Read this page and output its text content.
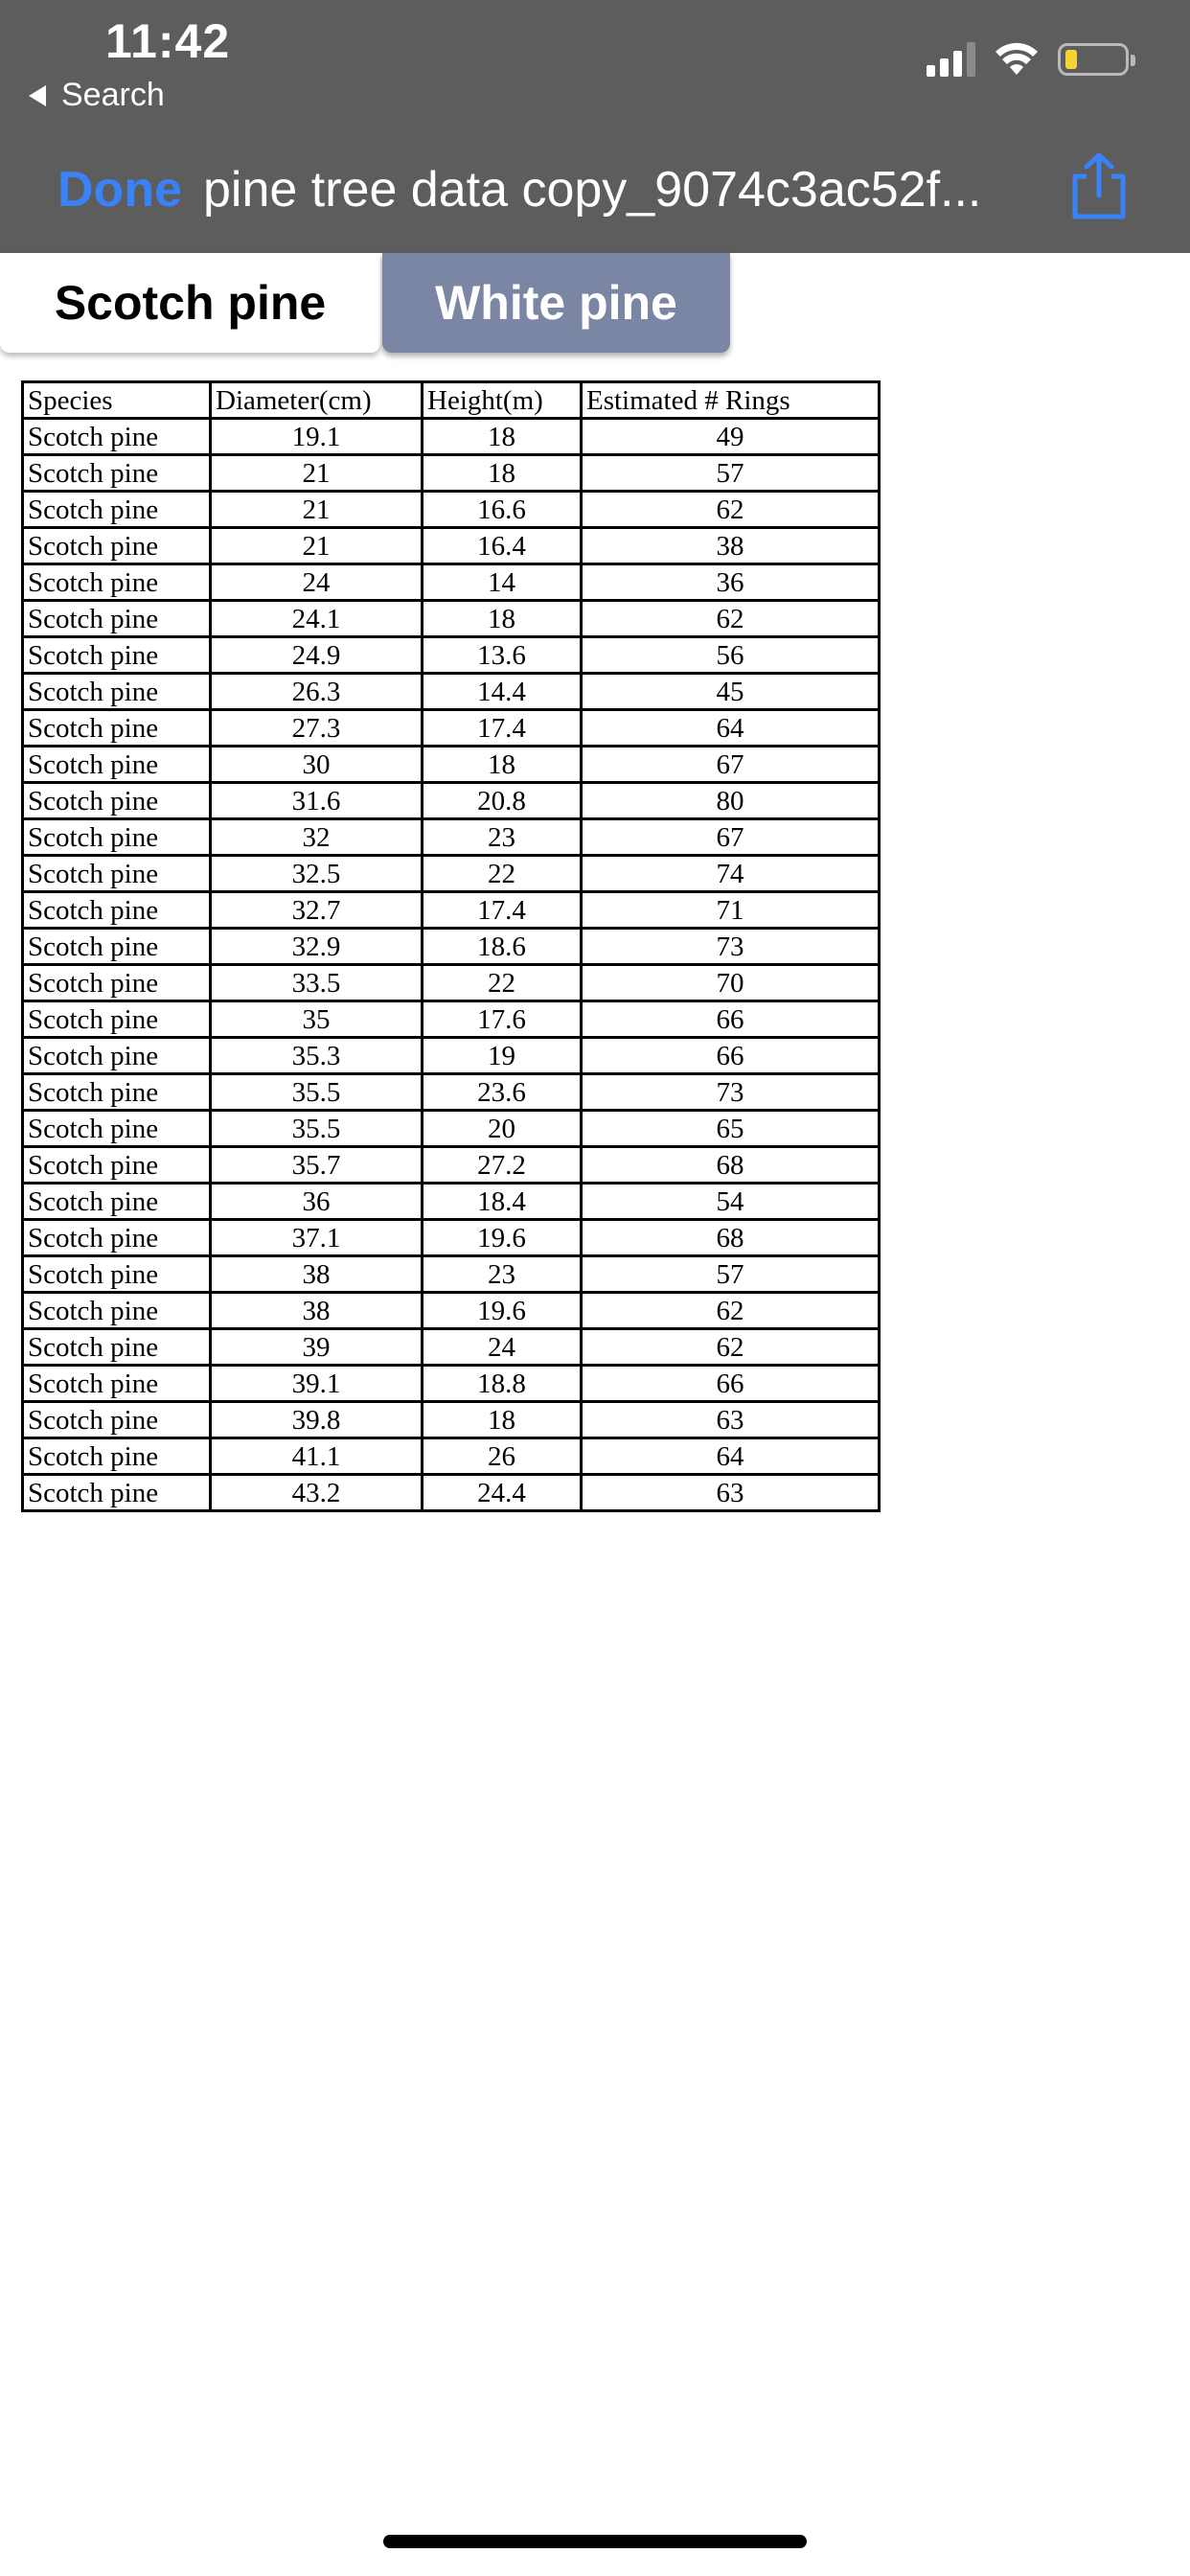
11:42
Search
Done pine tree data copy_9074c3ac52f...
Scotch pine	White pine
Species	Diameter(cm)	Height(m)	Estimated # Rings
Scotch pine	19.1	18	49
Scotch pine	21	18	57
Scotch pine	21	16.6	62
Scotch pine	21	16.4	38
Scotch pine	24	14	36
Scotch pine	24.1	18	62
Scotch pine	24.9	13.6	56
Scotch pine	26.3	14.4	45
Scotch pine	27.3	17.4	64
Scotch pine	30	18	67
Scotch pine	31.6	20.8	80
Scotch pine	32	23	67
Scotch pine	32.5	22	74
Scotch pine	32.7	17.4	71
Scotch pine	32.9	18.6	73
Scotch pine	33.5	22	70
Scotch pine	35	17.6	66
Scotch pine	35.3	19	66
Scotch pine	35.5	23.6	73
Scotch pine	35.5	20	65
Scotch pine	35.7	27.2	68
Scotch pine	36	18.4	54
Scotch pine	37.1	19.6	68
Scotch pine	38	23	57
Scotch pine	38	19.6	62
Scotch pine	39	24	62
Scotch pine	39.1	18.8	66
Scotch pine	39.8	18	63
Scotch pine	41.1	26	64
Scotch pine	43.2	24.4	63
